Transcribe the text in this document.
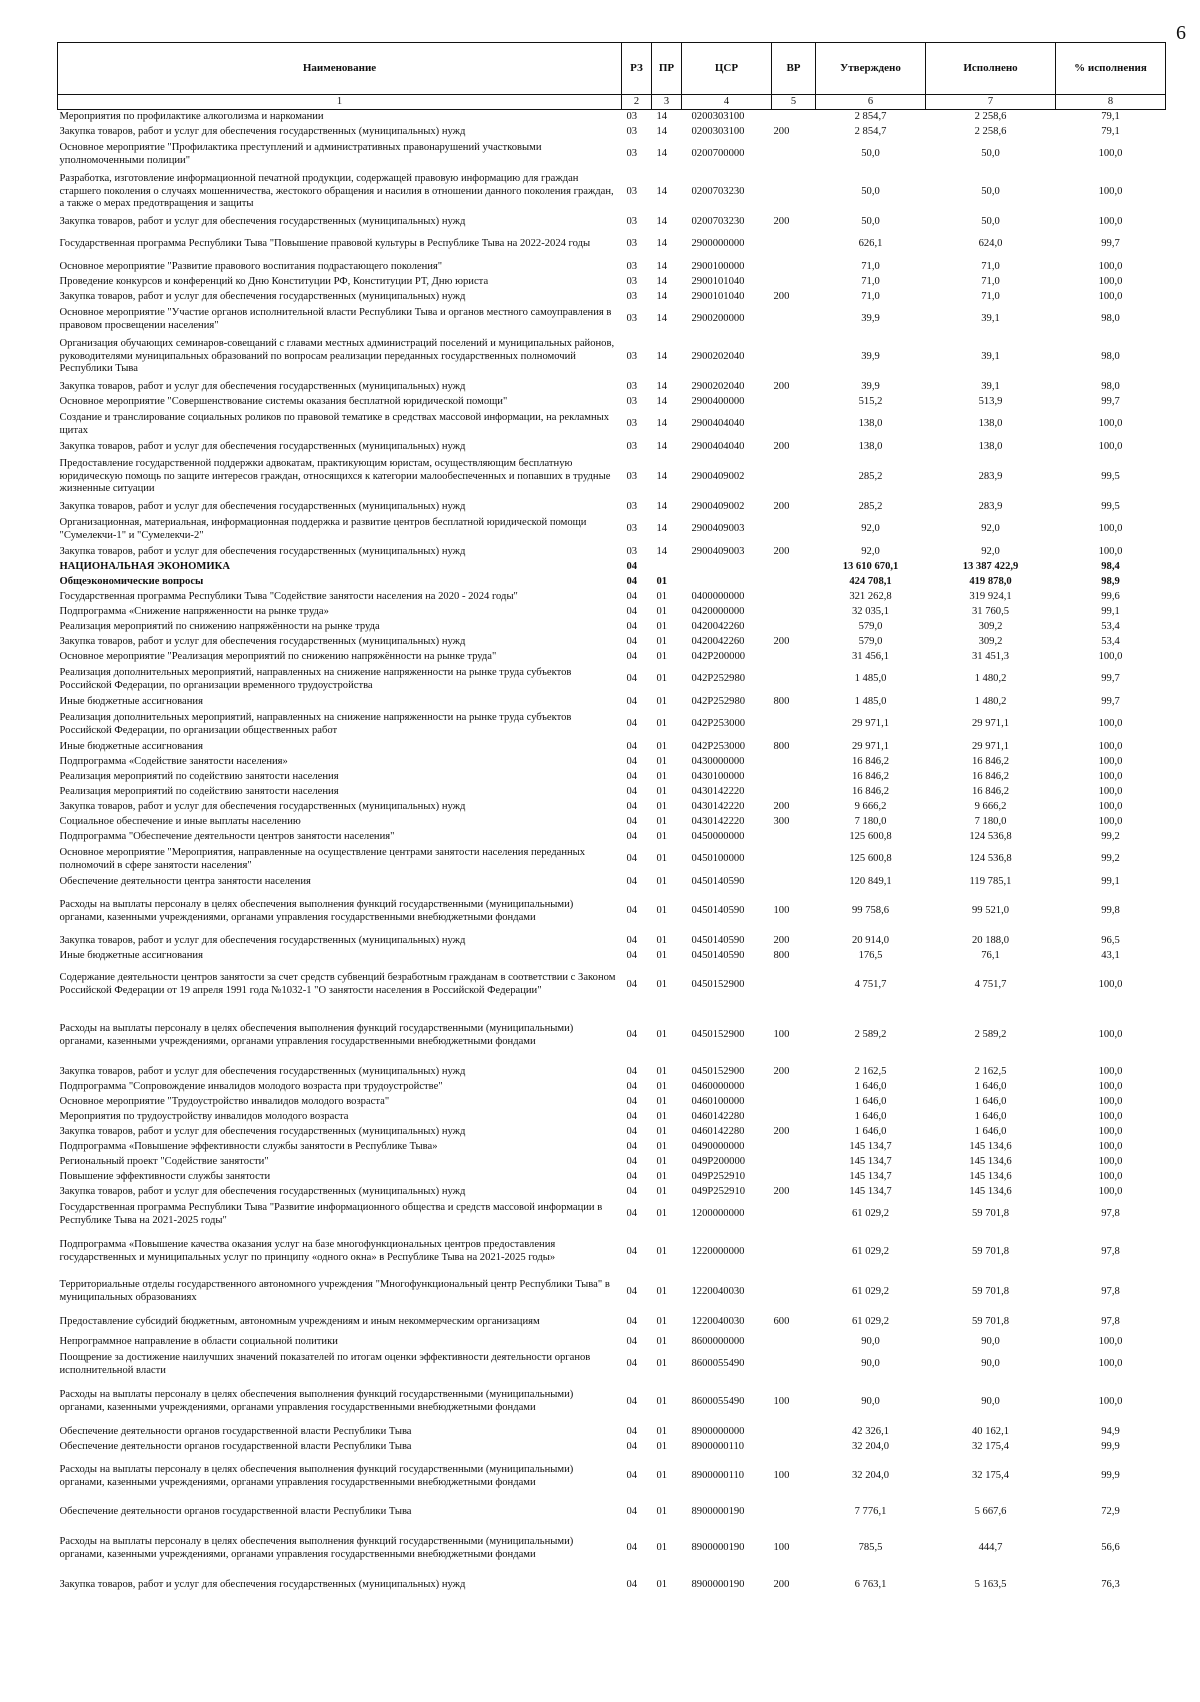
6
Наименование	РЗ	ПР	ЦСР	ВР	Утверждено	Исполнено	% исполнения
1	2	3	4	5	6	7	8
Мероприятия по профилактике алкоголизма и наркомании	03	14	0200303100		2 854,7	2 258,6	79,1
Закупка товаров, работ и услуг для обеспечения государственных (муниципальных) нужд	03	14	0200303100	200	2 854,7	2 258,6	79,1
Основное мероприятие "Профилактика преступлений и административных правонарушений участковыми уполномоченными полиции"	03	14	0200700000		50,0	50,0	100,0
Разработка, изготовление информационной печатной продукции, содержащей правовую информацию для граждан старшего поколения о случаях мошенничества, жестокого обращения и насилия в отношении данного поколения граждан, а также о мерах предотвращения и защиты	03	14	0200703230		50,0	50,0	100,0
Закупка товаров, работ и услуг для обеспечения государственных (муниципальных) нужд	03	14	0200703230	200	50,0	50,0	100,0
Государственная программа Республики Тыва "Повышение правовой культуры в Республике Тыва на 2022-2024 годы	03	14	2900000000		626,1	624,0	99,7
Основное мероприятие "Развитие правового воспитания подрастающего поколения"	03	14	2900100000		71,0	71,0	100,0
Проведение конкурсов и конференций ко Дню Конституции РФ, Конституции РТ, Дню юриста	03	14	2900101040		71,0	71,0	100,0
Закупка товаров, работ и услуг для обеспечения государственных (муниципальных) нужд	03	14	2900101040	200	71,0	71,0	100,0
Основное мероприятие "Участие органов исполнительной власти Республики Тыва и органов местного самоуправления в правовом просвещении населения"	03	14	2900200000		39,9	39,1	98,0
Организация обучающих семинаров-совещаний с главами местных администраций поселений и муниципальных районов, руководителями муниципальных образований по вопросам реализации переданных государственных полномочий Республики Тыва	03	14	2900202040		39,9	39,1	98,0
Закупка товаров, работ и услуг для обеспечения государственных (муниципальных) нужд	03	14	2900202040	200	39,9	39,1	98,0
Основное мероприятие "Совершенствование системы оказания бесплатной юридической помощи"	03	14	2900400000		515,2	513,9	99,7
Создание и транслирование социальных роликов по правовой тематике в средствах массовой информации, на рекламных щитах	03	14	2900404040		138,0	138,0	100,0
Закупка товаров, работ и услуг для обеспечения государственных (муниципальных) нужд	03	14	2900404040	200	138,0	138,0	100,0
Предоставление государственной поддержки адвокатам, практикующим юристам, осуществляющим бесплатную юридическую помощь по защите интересов граждан, относящихся к категории малообеспеченных и попавших в трудные жизненные ситуации	03	14	2900409002		285,2	283,9	99,5
Закупка товаров, работ и услуг для обеспечения государственных (муниципальных) нужд	03	14	2900409002	200	285,2	283,9	99,5
Организационная, материальная, информационная поддержка и развитие центров бесплатной юридической помощи "Сумелекчи-1" и "Сумелекчи-2"	03	14	2900409003		92,0	92,0	100,0
Закупка товаров, работ и услуг для обеспечения государственных (муниципальных) нужд	03	14	2900409003	200	92,0	92,0	100,0
НАЦИОНАЛЬНАЯ ЭКОНОМИКА	04				13 610 670,1	13 387 422,9	98,4
Общеэкономические вопросы	04	01			424 708,1	419 878,0	98,9
Государственная программа Республики Тыва "Содействие занятости населения на 2020 - 2024 годы"	04	01	0400000000		321 262,8	319 924,1	99,6
Подпрограмма «Снижение напряженности на рынке труда»	04	01	0420000000		32 035,1	31 760,5	99,1
Реализация мероприятий по снижению напряжённости на рынке труда	04	01	0420042260		579,0	309,2	53,4
Закупка товаров, работ и услуг для обеспечения государственных (муниципальных) нужд	04	01	0420042260	200	579,0	309,2	53,4
Основное мероприятие "Реализация мероприятий по снижению напряжённости на рынке труда"	04	01	042P200000		31 456,1	31 451,3	100,0
Реализация дополнительных мероприятий, направленных на снижение напряженности на рынке труда субъектов Российской Федерации, по организации временного трудоустройства	04	01	042P252980		1 485,0	1 480,2	99,7
Иные бюджетные ассигнования	04	01	042P252980	800	1 485,0	1 480,2	99,7
Реализация дополнительных мероприятий, направленных на снижение напряженности на рынке труда субъектов Российской Федерации, по организации общественных работ	04	01	042P253000		29 971,1	29 971,1	100,0
Иные бюджетные ассигнования	04	01	042P253000	800	29 971,1	29 971,1	100,0
Подпрограмма «Содействие занятости населения»	04	01	0430000000		16 846,2	16 846,2	100,0
Реализация мероприятий по содействию занятости населения	04	01	0430100000		16 846,2	16 846,2	100,0
Реализация мероприятий по содействию занятости населения	04	01	0430142220		16 846,2	16 846,2	100,0
Закупка товаров, работ и услуг для обеспечения государственных (муниципальных) нужд	04	01	0430142220	200	9 666,2	9 666,2	100,0
Социальное обеспечение и иные выплаты населению	04	01	0430142220	300	7 180,0	7 180,0	100,0
Подпрограмма "Обеспечение деятельности центров занятости населения"	04	01	0450000000		125 600,8	124 536,8	99,2
Основное мероприятие "Мероприятия, направленные на осуществление центрами занятости населения переданных полномочий в сфере занятости населения"	04	01	0450100000		125 600,8	124 536,8	99,2
Обеспечение деятельности центра занятости населения	04	01	0450140590		120 849,1	119 785,1	99,1
Расходы на выплаты персоналу в целях обеспечения выполнения функций государственными (муниципальными) органами, казенными учреждениями, органами управления государственными внебюджетными фондами	04	01	0450140590	100	99 758,6	99 521,0	99,8
Закупка товаров, работ и услуг для обеспечения государственных (муниципальных) нужд	04	01	0450140590	200	20 914,0	20 188,0	96,5
Иные бюджетные ассигнования	04	01	0450140590	800	176,5	76,1	43,1
Содержание деятельности центров занятости за счет средств субвенций безработным гражданам в соответствии с Законом Российской Федерации от 19 апреля 1991 года №1032-1 "О занятости населения в Российской Федерации"	04	01	0450152900		4 751,7	4 751,7	100,0
Расходы на выплаты персоналу в целях обеспечения выполнения функций государственными (муниципальными) органами, казенными учреждениями, органами управления государственными внебюджетными фондами	04	01	0450152900	100	2 589,2	2 589,2	100,0
Закупка товаров, работ и услуг для обеспечения государственных (муниципальных) нужд	04	01	0450152900	200	2 162,5	2 162,5	100,0
Подпрограмма "Сопровождение инвалидов молодого возраста при трудоустройстве"	04	01	0460000000		1 646,0	1 646,0	100,0
Основное мероприятие "Трудоустройство инвалидов молодого возраста"	04	01	0460100000		1 646,0	1 646,0	100,0
Мероприятия по трудоустройству инвалидов молодого возраста	04	01	0460142280		1 646,0	1 646,0	100,0
Закупка товаров, работ и услуг для обеспечения государственных (муниципальных) нужд	04	01	0460142280	200	1 646,0	1 646,0	100,0
Подпрограмма «Повышение эффективности службы занятости в Республике Тыва»	04	01	0490000000		145 134,7	145 134,6	100,0
Региональный проект "Содействие занятости"	04	01	049P200000		145 134,7	145 134,6	100,0
Повышение эффективности службы занятости	04	01	049P252910		145 134,7	145 134,6	100,0
Закупка товаров, работ и услуг для обеспечения государственных (муниципальных) нужд	04	01	049P252910	200	145 134,7	145 134,6	100,0
Государственная программа Республики Тыва "Развитие информационного общества и средств массовой информации в Республике Тыва на 2021-2025 годы"	04	01	1200000000		61 029,2	59 701,8	97,8
Подпрограмма «Повышение качества оказания услуг на базе многофункциональных центров предоставления государственных и муниципальных услуг по принципу «одного окна» в Республике Тыва на 2021-2025 годы»	04	01	1220000000		61 029,2	59 701,8	97,8
Территориальные отделы государственного автономного учреждения "Многофункциональный центр Республики Тыва" в муниципальных образованиях	04	01	1220040030		61 029,2	59 701,8	97,8
Предоставление субсидий бюджетным, автономным учреждениям и иным некоммерческим организациям	04	01	1220040030	600	61 029,2	59 701,8	97,8
Непрограммное направление в области социальной политики	04	01	8600000000		90,0	90,0	100,0
Поощрение за достижение наилучших значений показателей по итогам оценки эффективности деятельности органов исполнительной власти	04	01	8600055490		90,0	90,0	100,0
Расходы на выплаты персоналу в целях обеспечения выполнения функций государственными (муниципальными) органами, казенными учреждениями, органами управления государственными внебюджетными фондами	04	01	8600055490	100	90,0	90,0	100,0
Обеспечение деятельности органов государственной власти Республики Тыва	04	01	8900000000		42 326,1	40 162,1	94,9
Обеспечение деятельности органов государственной власти Республики Тыва	04	01	8900000110		32 204,0	32 175,4	99,9
Расходы на выплаты персоналу в целях обеспечения выполнения функций государственными (муниципальными) органами, казенными учреждениями, органами управления государственными внебюджетными фондами	04	01	8900000110	100	32 204,0	32 175,4	99,9
Обеспечение деятельности органов государственной власти Республики Тыва	04	01	8900000190		7 776,1	5 667,6	72,9
Расходы на выплаты персоналу в целях обеспечения выполнения функций государственными (муниципальными) органами, казенными учреждениями, органами управления государственными внебюджетными фондами	04	01	8900000190	100	785,5	444,7	56,6
Закупка товаров, работ и услуг для обеспечения государственных (муниципальных) нужд	04	01	8900000190	200	6 763,1	5 163,5	76,3
